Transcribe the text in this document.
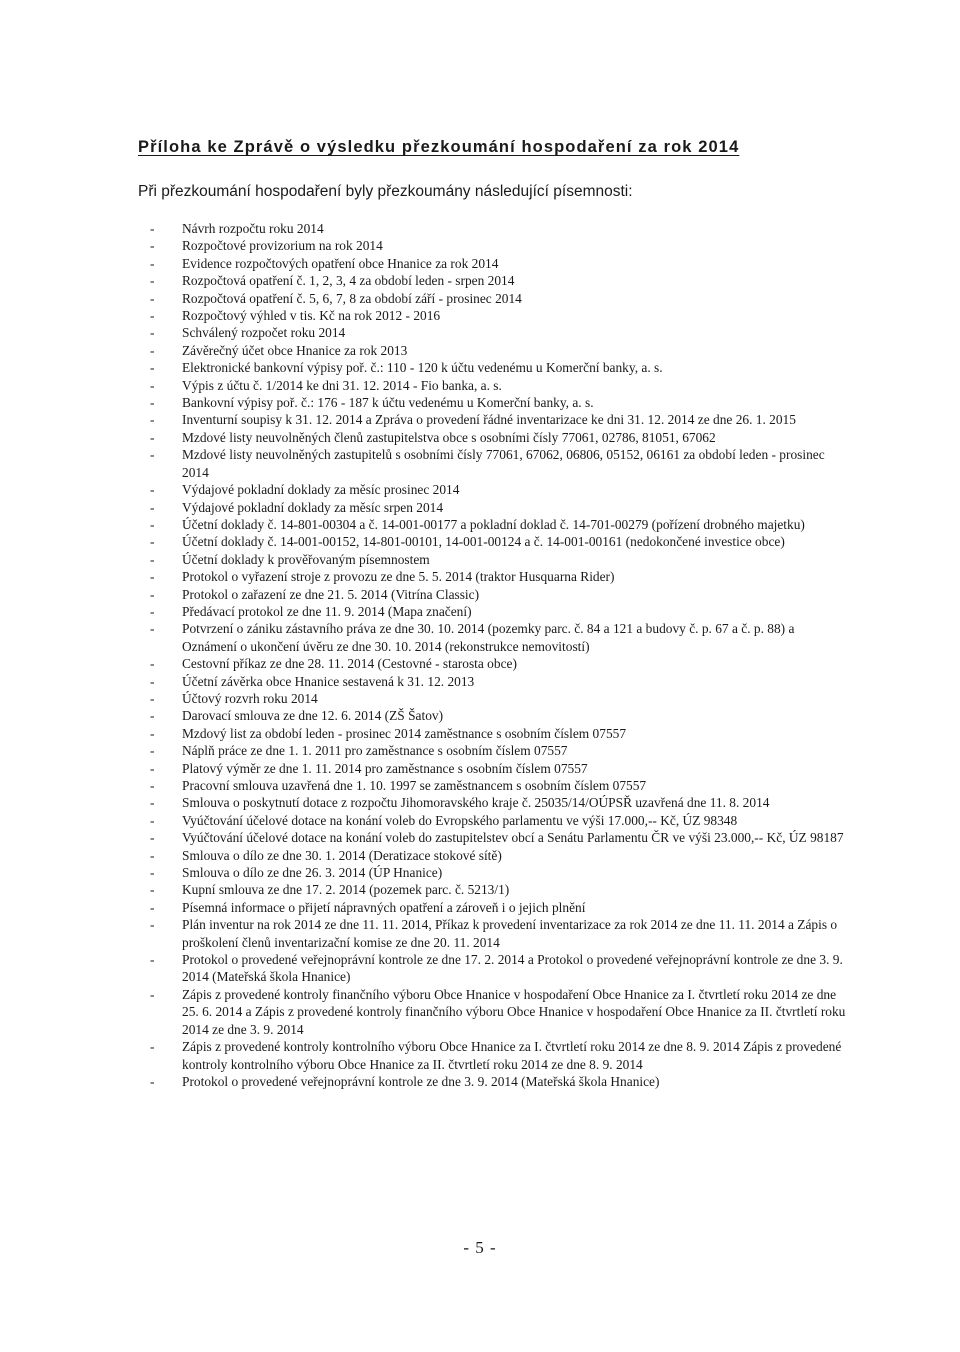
Příloha ke Zprávě o výsledku přezkoumání hospodaření za rok 2014

Při přezkoumání hospodaření byly přezkoumány následující písemnosti:

- Návrh rozpočtu roku 2014
- Rozpočtové provizorium na rok 2014
- Evidence rozpočtových opatření obce Hnanice za rok 2014
- Rozpočtová opatření č. 1, 2, 3, 4 za období leden - srpen 2014
- Rozpočtová opatření č. 5, 6, 7, 8 za období září - prosinec 2014
- Rozpočtový výhled v tis. Kč na rok 2012 - 2016
- Schválený rozpočet roku 2014
- Závěrečný účet obce Hnanice za rok 2013
- Elektronické bankovní výpisy poř. č.: 110 - 120 k účtu vedenému u Komerční banky, a. s.
- Výpis z účtu č. 1/2014 ke dni 31. 12. 2014 - Fio banka, a. s.
- Bankovní výpisy poř. č.: 176 - 187 k účtu vedenému u Komerční banky, a. s.
- Inventurní soupisy k 31. 12. 2014 a Zpráva o provedení řádné inventarizace ke dni 31. 12. 2014 ze dne 26. 1. 2015
- Mzdové listy neuvolněných členů zastupitelstva obce s osobními čísly 77061, 02786, 81051, 67062
- Mzdové listy neuvolněných zastupitelů s osobními čísly 77061, 67062, 06806, 05152, 06161 za období leden - prosinec 2014
- Výdajové pokladní doklady za měsíc prosinec 2014
- Výdajové pokladní doklady za měsíc srpen 2014
- Účetní doklady č. 14-801-00304 a č. 14-001-00177 a pokladní doklad č. 14-701-00279 (pořízení drobného majetku)
- Účetní doklady č. 14-001-00152, 14-801-00101, 14-001-00124 a č. 14-001-00161 (nedokončené investice obce)
- Účetní doklady k prověřovaným písemnostem
- Protokol o vyřazení stroje z provozu ze dne 5. 5. 2014 (traktor Husquarna Rider)
- Protokol o zařazení ze dne 21. 5. 2014 (Vitrína Classic)
- Předávací protokol ze dne 11. 9. 2014 (Mapa značení)
- Potvrzení o zániku zástavního práva ze dne 30. 10. 2014 (pozemky parc. č. 84 a 121 a budovy č. p. 67 a č. p. 88) a Oznámení o ukončení úvěru ze dne 30. 10. 2014 (rekonstrukce nemovitostí)
- Cestovní příkaz ze dne 28. 11. 2014 (Cestovné - starosta obce)
- Účetní závěrka obce Hnanice sestavená k 31. 12. 2013
- Účtový rozvrh roku 2014
- Darovací smlouva ze dne 12. 6. 2014 (ZŠ Šatov)
- Mzdový list za období leden - prosinec 2014 zaměstnance s osobním číslem 07557
- Náplň práce ze dne 1. 1. 2011 pro zaměstnance s osobním číslem 07557
- Platový výměr ze dne 1. 11. 2014 pro zaměstnance s osobním číslem 07557
- Pracovní smlouva uzavřená dne 1. 10. 1997 se zaměstnancem s osobním číslem 07557
- Smlouva o poskytnutí dotace z rozpočtu Jihomoravského kraje č. 25035/14/OÚPSŘ uzavřená dne 11. 8. 2014
- Vyúčtování účelové dotace na konání voleb do Evropského parlamentu ve výši 17.000,-- Kč, ÚZ 98348
- Vyúčtování účelové dotace na konání voleb do zastupitelstev obcí a Senátu Parlamentu ČR ve výši 23.000,-- Kč, ÚZ 98187
- Smlouva o dílo ze dne 30. 1. 2014 (Deratizace stokové sítě)
- Smlouva o dílo ze dne 26. 3. 2014 (ÚP Hnanice)
- Kupní smlouva ze dne 17. 2. 2014 (pozemek parc. č. 5213/1)
- Písemná informace o přijetí nápravných opatření a zároveň i o jejich plnění
- Plán inventur na rok 2014 ze dne 11. 11. 2014, Příkaz k provedení inventarizace za rok 2014 ze dne 11. 11. 2014 a Zápis o proškolení členů inventarizační komise ze dne 20. 11. 2014
- Protokol o provedené veřejnoprávní kontrole ze dne 17. 2. 2014 a Protokol o provedené veřejnoprávní kontrole ze dne 3. 9. 2014 (Mateřská škola Hnanice)
- Zápis z provedené kontroly finančního výboru Obce Hnanice v hospodaření Obce Hnanice za I. čtvrtletí roku 2014 ze dne 25. 6. 2014 a Zápis z provedené kontroly finančního výboru Obce Hnanice v hospodaření Obce Hnanice za II. čtvrtletí roku 2014 ze dne 3. 9. 2014
- Zápis z provedené kontroly kontrolního výboru Obce Hnanice za I. čtvrtletí roku 2014 ze dne 8. 9. 2014 Zápis z provedené kontroly kontrolního výboru Obce Hnanice za II. čtvrtletí roku 2014 ze dne 8. 9. 2014
- Protokol o provedené veřejnoprávní kontrole ze dne 3. 9. 2014 (Mateřská škola Hnanice)
- 5 -
